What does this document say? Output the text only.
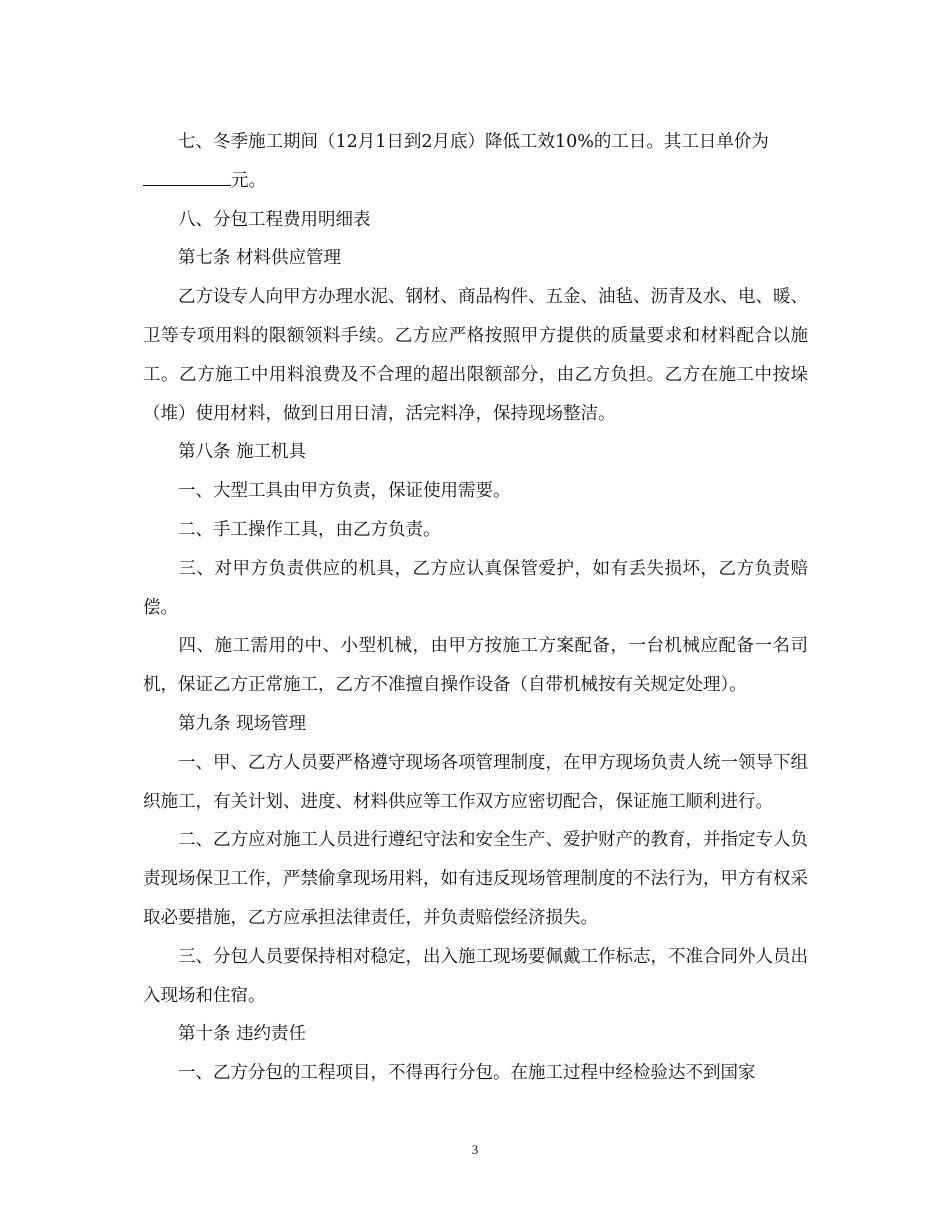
七、冬季施工期间（12月1日到2月底）降低工效10%的工日。其工日单价为

元。

八、分包工程费用明细表

第七条 材料供应管理

乙方设专人向甲方办理水泥、钢材、商品构件、五金、油毡、沥青及水、电、暖、卫等专项用料的限额领料手续。乙方应严格按照甲方提供的质量要求和材料配合以施工。乙方施工中用料浪费及不合理的超出限额部分，由乙方负担。乙方在施工中按垛（堆）使用材料，做到日用日清，活完料净，保持现场整洁。

第八条 施工机具

一、大型工具由甲方负责，保证使用需要。

二、手工操作工具，由乙方负责。

三、对甲方负责供应的机具，乙方应认真保管爱护，如有丢失损坏，乙方负责赔偿。

四、施工需用的中、小型机械，由甲方按施工方案配备，一台机械应配备一名司机，保证乙方正常施工，乙方不准擅自操作设备（自带机械按有关规定处理）。

第九条 现场管理

一、甲、乙方人员要严格遵守现场各项管理制度，在甲方现场负责人统一领导下组织施工，有关计划、进度、材料供应等工作双方应密切配合，保证施工顺利进行。

二、乙方应对施工人员进行遵纪守法和安全生产、爱护财产的教育，并指定专人负责现场保卫工作，严禁偷拿现场用料，如有违反现场管理制度的不法行为，甲方有权采取必要措施，乙方应承担法律责任，并负责赔偿经济损失。

三、分包人员要保持相对稳定，出入施工现场要佩戴工作标志，不准合同外人员出入现场和住宿。

第十条 违约责任

一、乙方分包的工程项目，不得再行分包。在施工过程中经检验达不到国家

3
